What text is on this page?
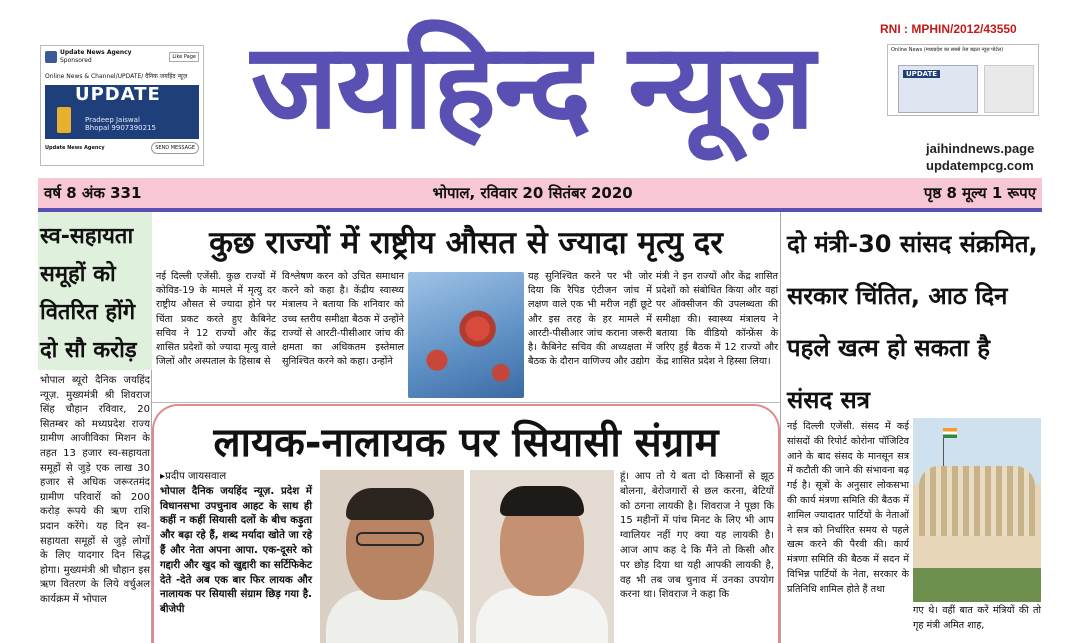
Update News Agency
Sponsored	Like Page
Online News & Channel/UPDATE/ दैनिक जयहिंद न्यूज़
UPDATE
Pradeep Jaiswal
Bhopal 9907390215
Update News Agency	SEND MESSAGE जयहिन्द न्यूज़	RNI : MPHIN/2012/43550
Online News (मध्यप्रदेश का सबसे तेज बढ़ता न्यूज़ पोर्टल)
UPDATE
jaihindnews.page
updatempcg.com
वर्ष 8 अंक 331	भोपाल, रविवार 20 सितंबर 2020	पृष्ठ 8 मूल्य 1 रूपए
स्व-सहायता समूहों को वितरित होंगे दो सौ करोड़
भोपाल ब्यूरो दैनिक जयहिंद न्यूज़. मुख्यमंत्री श्री शिवराज सिंह चौहान रविवार, 20 सितम्बर को मध्यप्रदेश राज्य ग्रामीण आजीविका मिशन के तहत 13 हजार स्व-सहायता समूहों से जुड़े एक लाख 30 हजार से अधिक जरूरतमंद ग्रामीण परिवारों को 200 करोड़ रूपये की ऋण राशि प्रदान करेंगे। यह दिन स्व-सहायता समूहों से जुड़े लोगों के लिए यादगार दिन सिद्ध होगा। मुख्यमंत्री श्री चौहान इस ऋण वितरण के लिये वर्चुअल कार्यक्रम में भोपाल
कुछ राज्यों में राष्ट्रीय औसत से ज्यादा मृत्यु दर
नई दिल्ली एजेंसी. कुछ राज्यों में कोविड-19 के मामले में मृत्यु दर राष्ट्रीय औसत से ज्यादा होने पर चिंता प्रकट करते हुए कैबिनेट सचिव ने 12 राज्यों और केंद्र शासित प्रदेशों को ज्यादा मृत्यु वाले जिलों और अस्पताल के हिसाब से
विश्लेषण करन को उचित समाधान करने को कहा है। केंद्रीय स्वास्थ्य मंत्रालय ने बताया कि शनिवार को उच्च स्तरीय समीक्षा बैठक में उन्होंने राज्यों से आरटी-पीसीआर जांच की क्षमता का अधिकतम इस्तेमाल सुनिश्चित करने को कहा। उन्होंने
यह सुनिश्चित करने पर भी जोर दिया कि रैपिड एंटीजन जांच में लक्षण वाले एक भी मरीज नहीं छूटे और इस तरह के हर मामले में आरटी-पीसीआर जांच कराना जरूरी है। कैबिनेट सचिव की अध्यक्षता में बैठक के दौरान वाणिज्य और उद्योग
मंत्री ने इन राज्यों और केंद्र शासित प्रदेशों को संबोधित किया और वहां पर ऑक्सीजन की उपलब्धता की समीक्षा की। स्वास्थ्य मंत्रालय ने बताया कि वीडियो कॉन्फ्रेंस के जरिए हुई बैठक में 12 राज्यों और केंद्र शासित प्रदेश ने हिस्सा लिया।
लायक-नालायक पर सियासी संग्राम
▸प्रदीप जायसवाल
भोपाल दैनिक जयहिंद न्यूज़. प्रदेश में विधानसभा उपचुनाव आहट के साथ ही कहीं न कहीं सियासी दलों के बीच कड़ुता और बढ़ा रहे हैं, शब्द मर्यादा खोते जा रहे हैं और नेता अपना आपा. एक-दूसरे को गद्दारी और खुद को खुद्दारी का सर्टिफिकेट देते -देते अब एक बार फिर लायक और नालायक पर सियासी संग्राम छिड़ गया है. बीजेपी
हूं। आप तो ये बता दो किसानों से झूठ बोलना, बेरोजगारों से छल करना, बेटियों को ठगना लायकी है। शिवराज ने पूछा कि 15 महीनों में पांच मिनट के लिए भी आप ग्वालियर नहीं गए क्या यह लायकी है। आज आप कह दे कि मैंने तो किसी और पर छोड़ दिया था यही आपकी लायकी है, वह भी तब जब चुनाव में उनका उपयोग करना था। शिवराज ने कहा कि
दो मंत्री-30 सांसद संक्रमित, सरकार चिंतित, आठ दिन पहले खत्म हो सकता है संसद सत्र
नई दिल्ली एजेंसी. संसद में कई सांसदों की रिपोर्ट कोरोना पॉजिटिव आने के बाद संसद के मानसून सत्र में कटौती की जाने की संभावना बढ़ गई है। सूत्रों के अनुसार लोकसभा की कार्य मंत्रणा समिति की बैठक में शामिल ज्यादातर पार्टियों के नेताओं ने सत्र को निर्धारित समय से पहले खत्म करने की पैरवी की। कार्य मंत्रणा समिति की बैठक में सदन में विभिन्न पार्टियों के नेता, सरकार के प्रतिनिधि शामिल होते हैं तथा
गए थे। वहीं बात करें मंत्रियों की तो गृह मंत्री अमित शाह,
